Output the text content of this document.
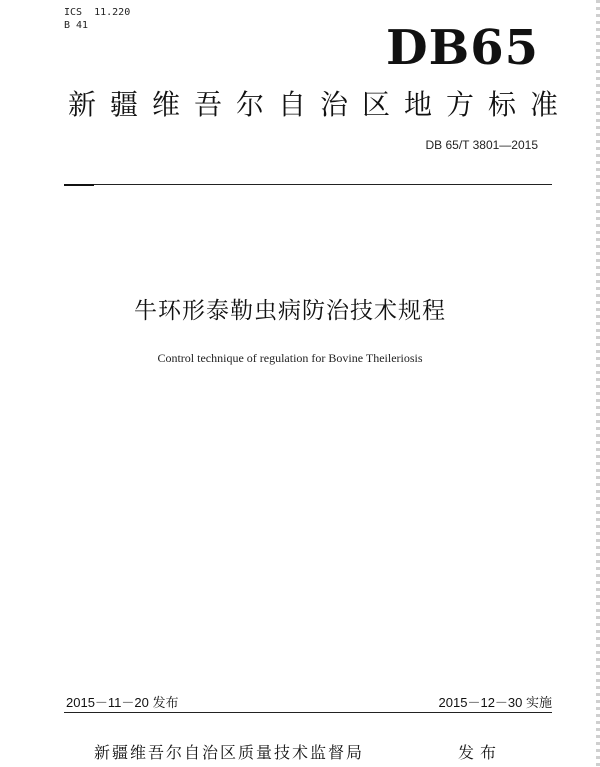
ICS  11.220
B 41	DB65
新疆维吾尔自治区地方标准
DB 65/T 3801—2015
牛环形泰勒虫病防治技术规程
Control technique of regulation for Bovine Theileriosis
2015－11－20 发布	2015－12－30 实施
新疆维吾尔自治区质量技术监督局	发布
